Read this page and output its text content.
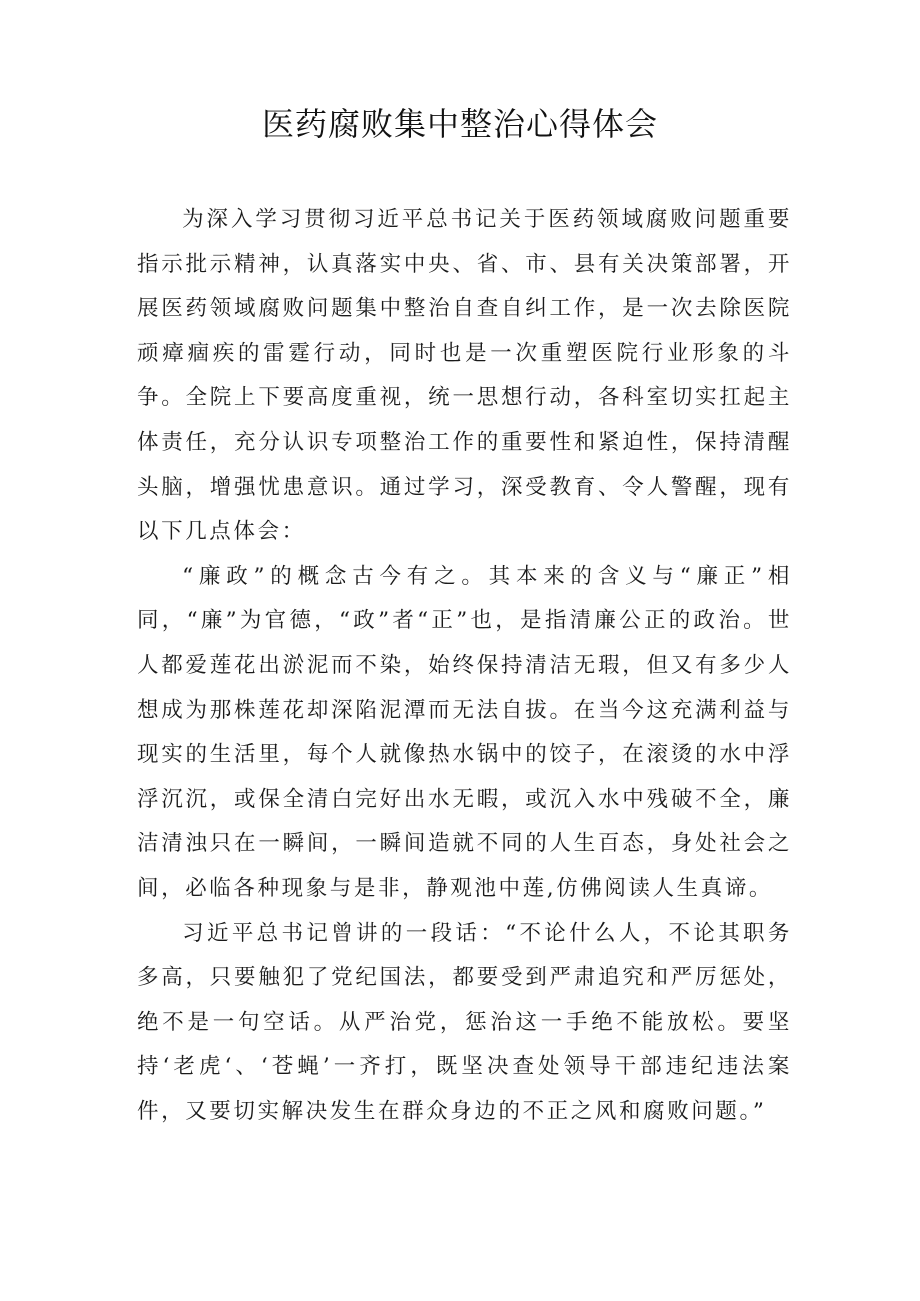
医药腐败集中整治心得体会

为深入学习贯彻习近平总书记关于医药领域腐败问题重要指示批示精神，认真落实中央、省、市、县有关决策部署，开展医药领域腐败问题集中整治自查自纠工作，是一次去除医院顽瘴痼疾的雷霆行动，同时也是一次重塑医院行业形象的斗争。全院上下要高度重视，统一思想行动，各科室切实扛起主体责任，充分认识专项整治工作的重要性和紧迫性，保持清醒头脑，增强忧患意识。通过学习，深受教育、令人警醒，现有以下几点体会：

“廉政”的概念古今有之。其本来的含义与“廉正”相同，“廉”为官德，“政”者“正”也，是指清廉公正的政治。世人都爱莲花出淤泥而不染，始终保持清洁无瑕，但又有多少人想成为那株莲花却深陷泥潭而无法自拔。在当今这充满利益与现实的生活里，每个人就像热水锅中的饺子，在滚烫的水中浮浮沉沉，或保全清白完好出水无暇，或沉入水中残破不全，廉洁清浊只在一瞬间，一瞬间造就不同的人生百态，身处社会之间，必临各种现象与是非，静观池中莲,仿佛阅读人生真谛。

习近平总书记曾讲的一段话：“不论什么人，不论其职务多高，只要触犯了党纪国法，都要受到严肃追究和严厉惩处，绝不是一句空话。从严治党，惩治这一手绝不能放松。要坚持‘老虎‘、‘苍蝇’一齐打，既坚决查处领导干部违纪违法案件，又要切实解决发生在群众身边的不正之风和腐败问题。”
